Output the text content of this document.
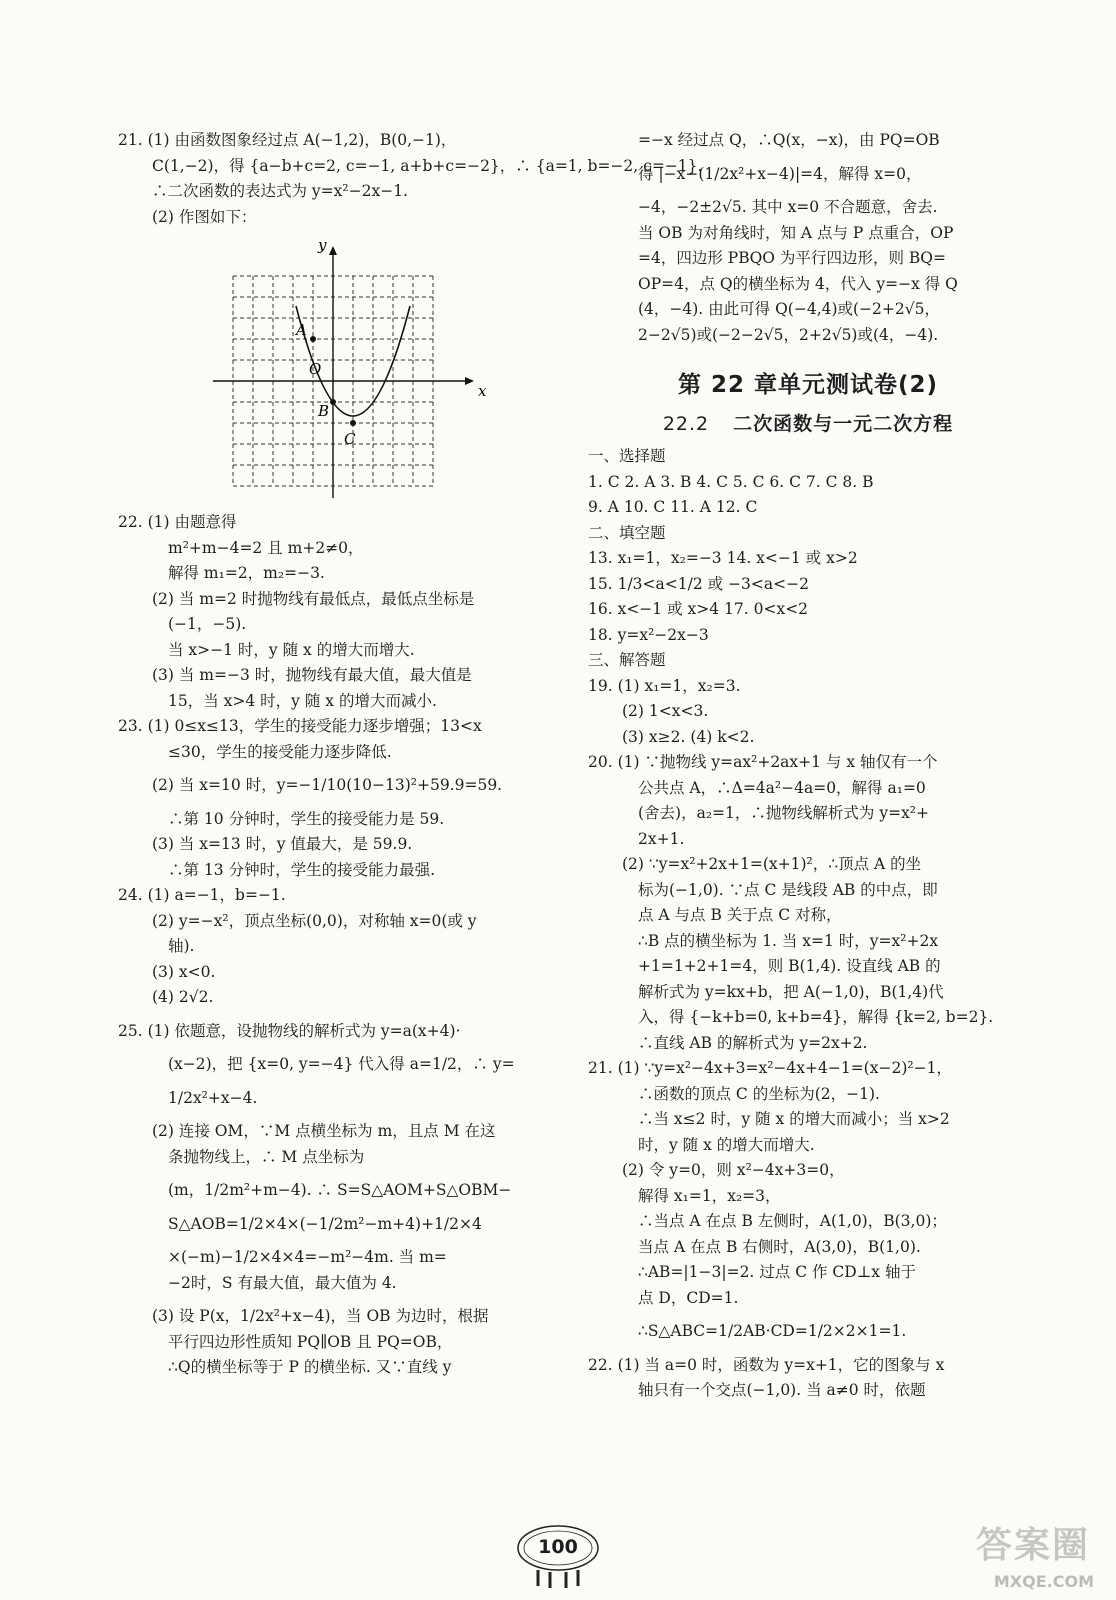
21. (1) 由函数图象经过点 A(−1,2)，B(0,−1)，
C(1,−2)，得 {a−b+c=2, c=−1, a+b+c=−2}，∴ {a=1, b=−2, c=−1}.
∴二次函数的表达式为 y=x²−2x−1.
(2) 作图如下：
x
y
O
A
B
C
y=x²−2x−1
22. (1) 由题意得
m²+m−4=2 且 m+2≠0，
解得 m₁=2，m₂=−3.
(2) 当 m=2 时抛物线有最低点，最低点坐标是
(−1，−5).
当 x>−1 时，y 随 x 的增大而增大.
(3) 当 m=−3 时，抛物线有最大值，最大值是
15，当 x>4 时，y 随 x 的增大而减小.
23. (1) 0≤x≤13，学生的接受能力逐步增强；13<x
≤30，学生的接受能力逐步降低.
(2) 当 x=10 时，y=−1/10(10−13)²+59.9=59.
∴第 10 分钟时，学生的接受能力是 59.
(3) 当 x=13 时，y 值最大，是 59.9.
∴第 13 分钟时，学生的接受能力最强.
24. (1) a=−1，b=−1.
(2) y=−x²，顶点坐标(0,0)，对称轴 x=0(或 y
轴).
(3) x<0.
(4) 2√2.
25. (1) 依题意，设抛物线的解析式为 y=a(x+4)·
(x−2)，把 {x=0, y=−4} 代入得 a=1/2，∴ y=
1/2x²+x−4.
(2) 连接 OM，∵M 点横坐标为 m，且点 M 在这
条抛物线上，∴ M 点坐标为
(m，1/2m²+m−4). ∴ S=S△AOM+S△OBM−
S△AOB=1/2×4×(−1/2m²−m+4)+1/2×4
×(−m)−1/2×4×4=−m²−4m. 当 m=
−2时，S 有最大值，最大值为 4.
(3) 设 P(x，1/2x²+x−4)，当 OB 为边时，根据
平行四边形性质知 PQ∥OB 且 PQ=OB，
∴Q的横坐标等于 P 的横坐标. 又∵直线 y
=−x 经过点 Q，∴Q(x，−x)，由 PQ=OB
得 |−x−(1/2x²+x−4)|=4，解得 x=0，
−4，−2±2√5. 其中 x=0 不合题意，舍去.
当 OB 为对角线时，知 A 点与 P 点重合，OP
=4，四边形 PBQO 为平行四边形，则 BQ=
OP=4，点 Q的横坐标为 4，代入 y=−x 得 Q
(4，−4). 由此可得 Q(−4,4)或(−2+2√5，
2−2√5)或(−2−2√5，2+2√5)或(4，−4).
第 22 章单元测试卷(2)
22.2 二次函数与一元二次方程
一、选择题
1. C 2. A 3. B 4. C 5. C 6. C 7. C 8. B
9. A 10. C 11. A 12. C
二、填空题
13. x₁=1，x₂=−3 14. x<−1 或 x>2
15. 1/3<a<1/2 或 −3<a<−2
16. x<−1 或 x>4 17. 0<x<2
18. y=x²−2x−3
三、解答题
19. (1) x₁=1，x₂=3.
(2) 1<x<3.
(3) x≥2. (4) k<2.
20. (1) ∵抛物线 y=ax²+2ax+1 与 x 轴仅有一个
公共点 A，∴Δ=4a²−4a=0，解得 a₁=0
(舍去)，a₂=1，∴抛物线解析式为 y=x²+
2x+1.
(2) ∵y=x²+2x+1=(x+1)²，∴顶点 A 的坐
标为(−1,0). ∵点 C 是线段 AB 的中点，即
点 A 与点 B 关于点 C 对称，
∴B 点的横坐标为 1. 当 x=1 时，y=x²+2x
+1=1+2+1=4，则 B(1,4). 设直线 AB 的
解析式为 y=kx+b，把 A(−1,0)，B(1,4)代
入，得 {−k+b=0, k+b=4}，解得 {k=2, b=2}.
∴直线 AB 的解析式为 y=2x+2.
21. (1) ∵y=x²−4x+3=x²−4x+4−1=(x−2)²−1，
∴函数的顶点 C 的坐标为(2，−1).
∴当 x≤2 时，y 随 x 的增大而减小；当 x>2
时，y 随 x 的增大而增大.
(2) 令 y=0，则 x²−4x+3=0，
解得 x₁=1，x₂=3，
∴当点 A 在点 B 左侧时，A(1,0)，B(3,0)；
当点 A 在点 B 右侧时，A(3,0)，B(1,0).
∴AB=|1−3|=2. 过点 C 作 CD⊥x 轴于
点 D，CD=1.
∴S△ABC=1/2AB·CD=1/2×2×1=1.
22. (1) 当 a=0 时，函数为 y=x+1，它的图象与 x
轴只有一个交点(−1,0). 当 a≠0 时，依题
100	答案圈
MXQE.COM
